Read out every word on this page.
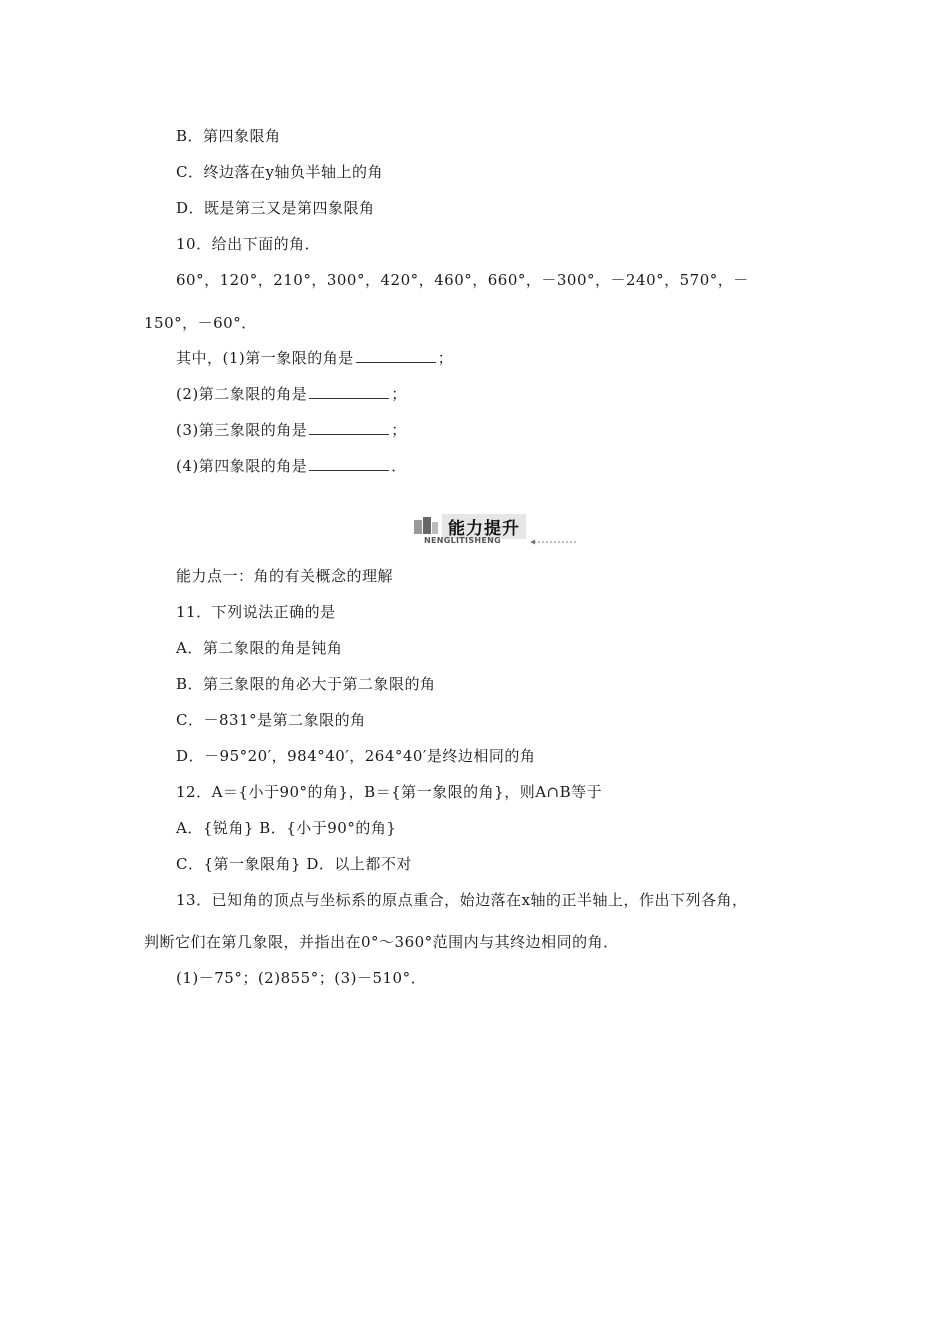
B．第四象限角
C．终边落在y轴负半轴上的角
D．既是第三又是第四象限角
10．给出下面的角．
60°，120°，210°，300°，420°，460°，660°，－300°，－240°，570°，－
150°，－60°．
其中，(1)第一象限的角是	；
(2)第二象限的角是	；
(3)第三象限的角是	；
(4)第四象限的角是	．
能力提升
NENGLITISHENG
能力点一：角的有关概念的理解
11．下列说法正确的是
A．第二象限的角是钝角
B．第三象限的角必大于第二象限的角
C．－831°是第二象限的角
D．－95°20′，984°40′，264°40′是终边相同的角
12．A＝{小于90°的角}，B＝{第一象限的角}，则A∩B等于
A．{锐角} B．{小于90°的角}
C．{第一象限角} D．以上都不对
13．已知角的顶点与坐标系的原点重合，始边落在x轴的正半轴上，作出下列各角，
判断它们在第几象限，并指出在0°～360°范围内与其终边相同的角．
(1)－75°；(2)855°；(3)－510°．
